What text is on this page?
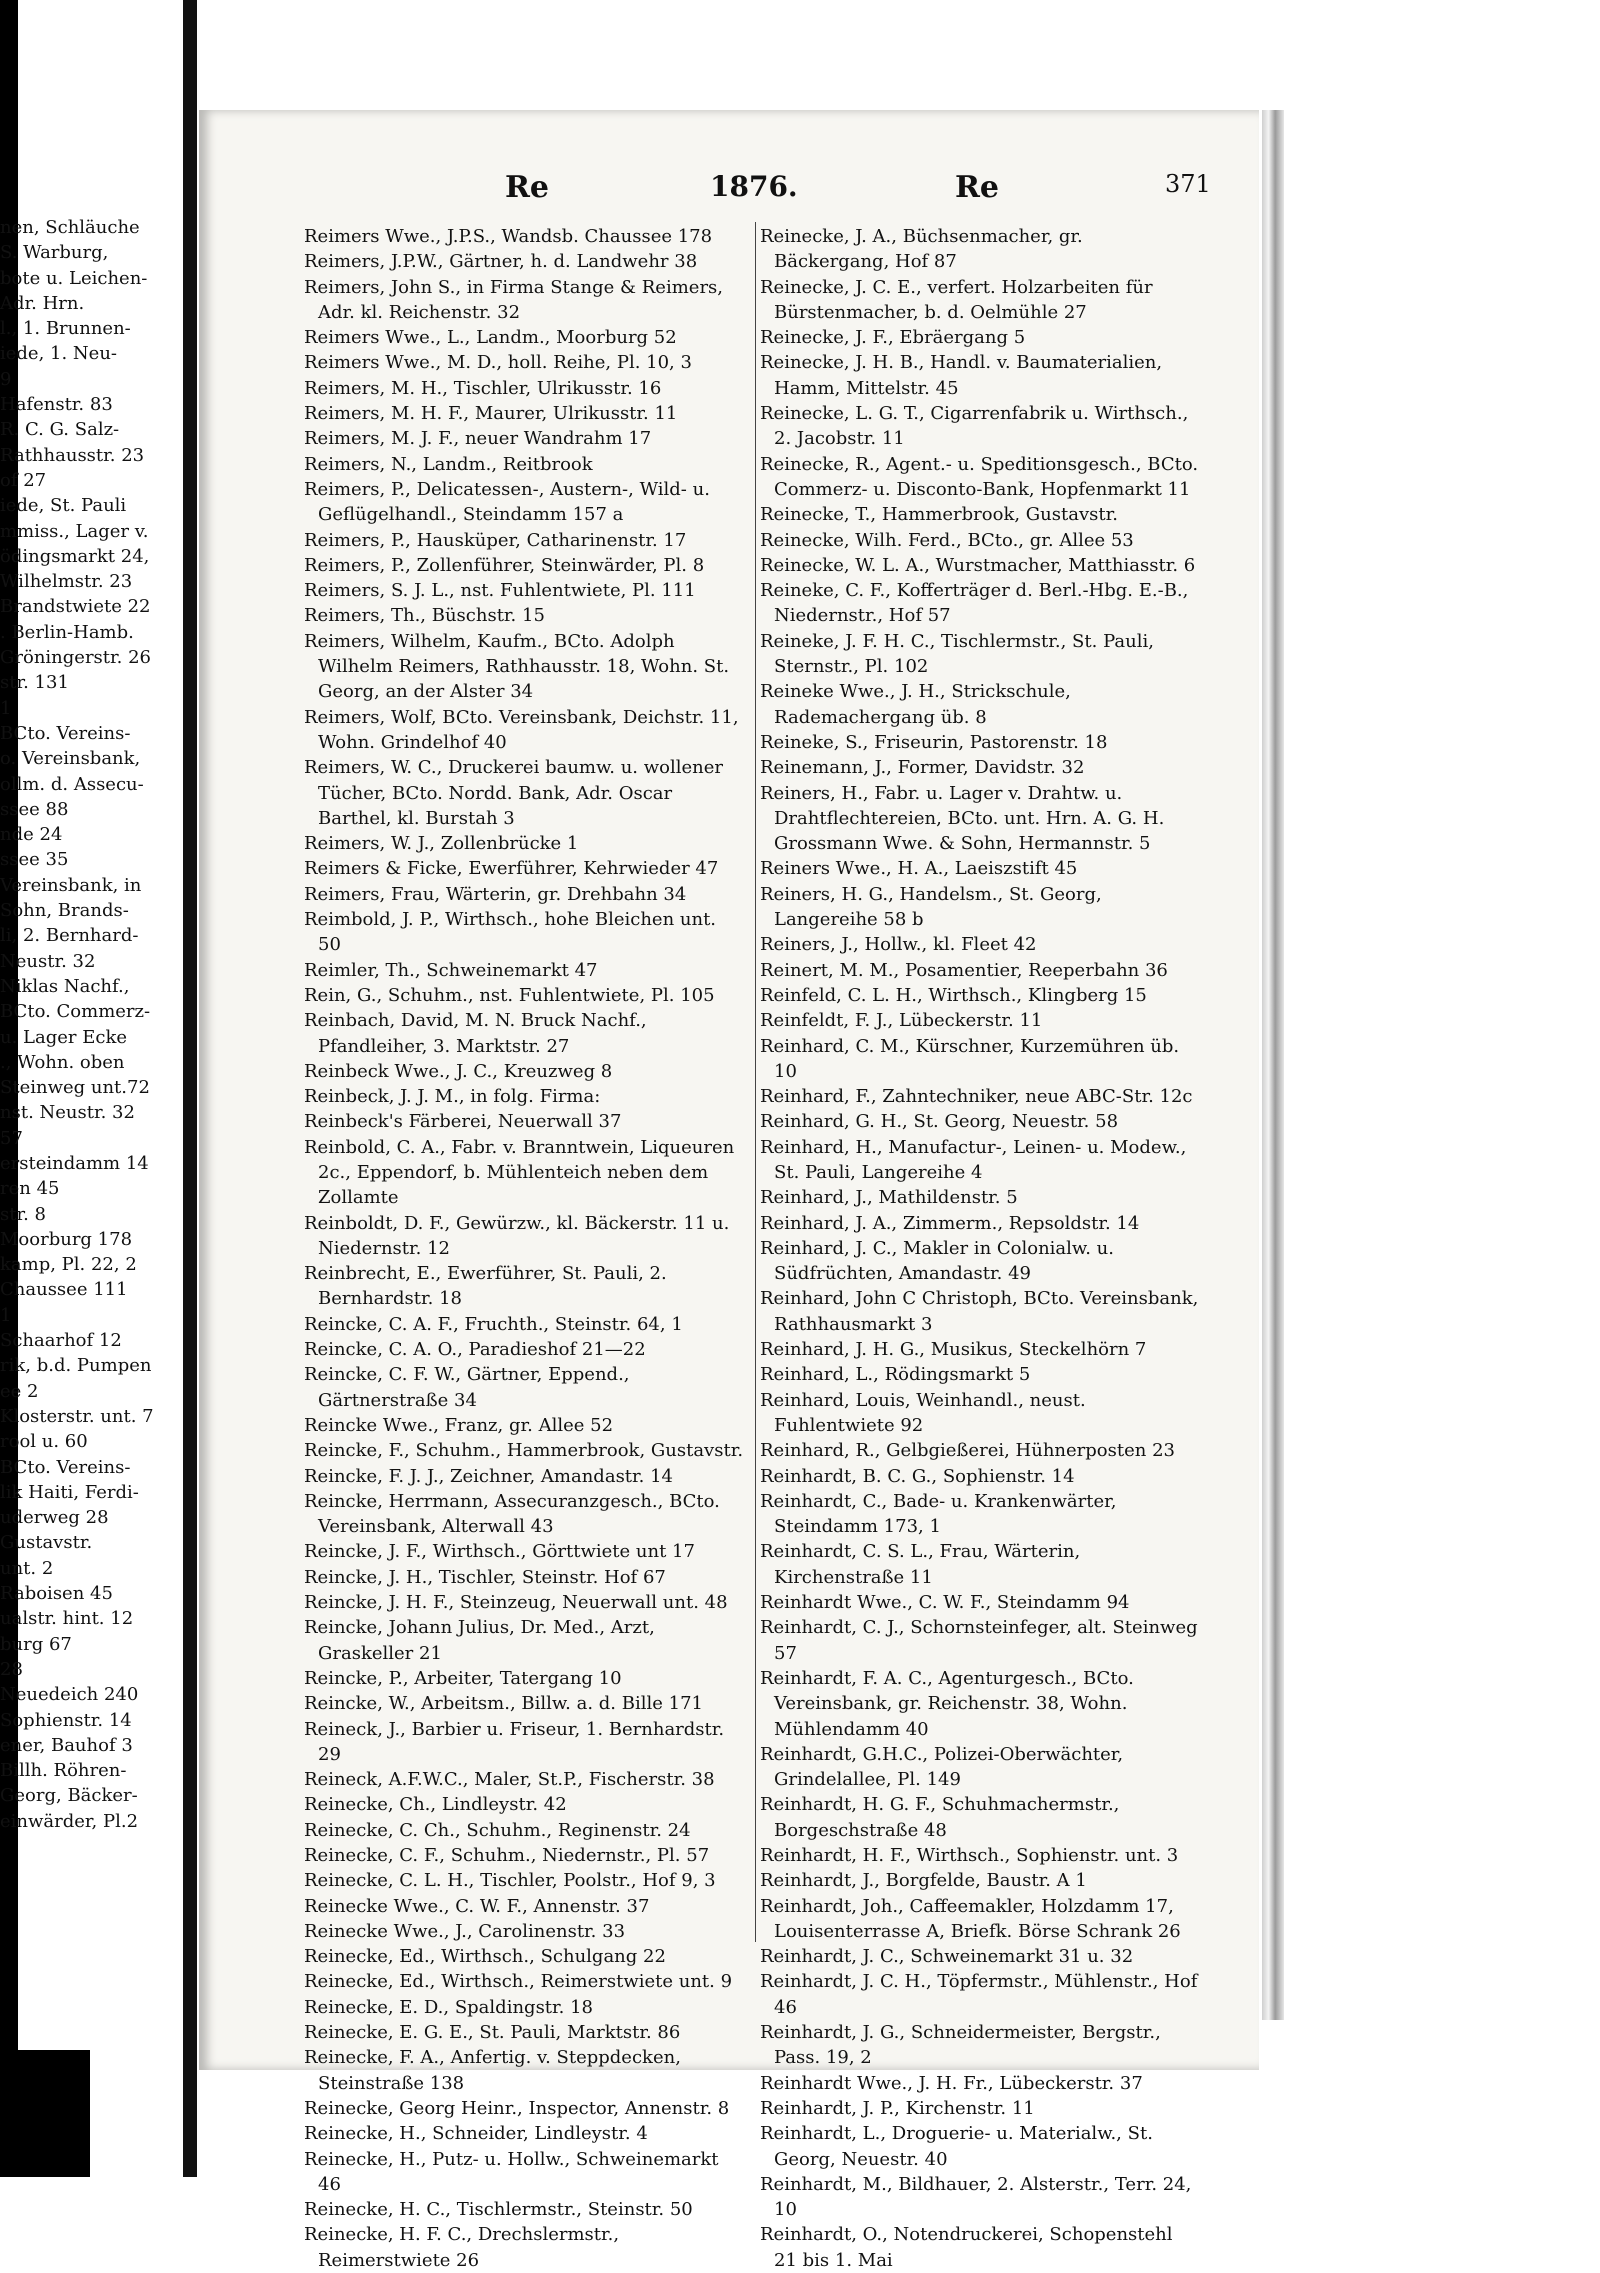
nen, Schläuche
S. Warburg,
bote u. Leichen-
Adr. Hrn.
l., 1. Brunnen-
iede, 1. Neu-
9
Hafenstr. 83
R. C. G. Salz-
Rathhausstr. 23
of 27
iede, St. Pauli
mmiss., Lager v.
ödingsmarkt 24,
Wilhelmstr. 23
Brandstwiete 22
. Berlin-Hamb.
Gröningerstr. 26
str. 131
1
BCto. Vereins-
o. Vereinsbank,
ollm. d. Assecu-
ssee 88
nde 24
ssee 35
Vereinsbank, in
Sohn, Brands-
li, 2. Bernhard-
Neustr. 32
Niklas Nachf.,
BCto. Commerz-
u. Lager Ecke
., Wohn. oben
Steinweg unt.72
nst. Neustr. 32
57
ersteindamm 14
ren 45
str. 8
Moorburg 178
kamp, Pl. 22, 2
Chaussee 111
1
Schaarhof 12
rik, b.d. Pumpen
ee 2
Klosterstr. unt. 7
rool u. 60
BCto. Vereins-
lik Haiti, Ferdi-
uderweg 28
Gustavstr.
unt. 2
Raboisen 45
ualstr. hint. 12
burg 67
28
Neuedeich 240
Sophienstr. 14
ener, Bauhof 3
Billh. Röhren-
Georg, Bäcker-
einwärder, Pl.2
Re	1876.	Re	371
Reimers Wwe., J.P.S., Wandsb. Chaussee 178
Reimers, J.P.W., Gärtner, h. d. Landwehr 38
Reimers, John S., in Firma Stange & Reimers, Adr. kl. Reichenstr. 32
Reimers Wwe., L., Landm., Moorburg 52
Reimers Wwe., M. D., holl. Reihe, Pl. 10, 3
Reimers, M. H., Tischler, Ulrikusstr. 16
Reimers, M. H. F., Maurer, Ulrikusstr. 11
Reimers, M. J. F., neuer Wandrahm 17
Reimers, N., Landm., Reitbrook
Reimers, P., Delicatessen-, Austern-, Wild- u. Geflügelhandl., Steindamm 157 a
Reimers, P., Hausküper, Catharinenstr. 17
Reimers, P., Zollenführer, Steinwärder, Pl. 8
Reimers, S. J. L., nst. Fuhlentwiete, Pl. 111
Reimers, Th., Büschstr. 15
Reimers, Wilhelm, Kaufm., BCto. Adolph Wilhelm Reimers, Rathhausstr. 18, Wohn. St. Georg, an der Alster 34
Reimers, Wolf, BCto. Vereinsbank, Deichstr. 11, Wohn. Grindelhof 40
Reimers, W. C., Druckerei baumw. u. wollener Tücher, BCto. Nordd. Bank, Adr. Oscar Barthel, kl. Burstah 3
Reimers, W. J., Zollenbrücke 1
Reimers & Ficke, Ewerführer, Kehrwieder 47
Reimers, Frau, Wärterin, gr. Drehbahn 34
Reimbold, J. P., Wirthsch., hohe Bleichen unt. 50
Reimler, Th., Schweinemarkt 47
Rein, G., Schuhm., nst. Fuhlentwiete, Pl. 105
Reinbach, David, M. N. Bruck Nachf., Pfandleiher, 3. Marktstr. 27
Reinbeck Wwe., J. C., Kreuzweg 8
Reinbeck, J. J. M., in folg. Firma:
Reinbeck's Färberei, Neuerwall 37
Reinbold, C. A., Fabr. v. Branntwein, Liqueuren 2c., Eppendorf, b. Mühlenteich neben dem Zollamte
Reinboldt, D. F., Gewürzw., kl. Bäckerstr. 11 u. Niedernstr. 12
Reinbrecht, E., Ewerführer, St. Pauli, 2. Bernhardstr. 18
Reincke, C. A. F., Fruchth., Steinstr. 64, 1
Reincke, C. A. O., Paradieshof 21—22
Reincke, C. F. W., Gärtner, Eppend., Gärtnerstraße 34
Reincke Wwe., Franz, gr. Allee 52
Reincke, F., Schuhm., Hammerbrook, Gustavstr.
Reincke, F. J. J., Zeichner, Amandastr. 14
Reincke, Herrmann, Assecuranzgesch., BCto. Vereinsbank, Alterwall 43
Reincke, J. F., Wirthsch., Görttwiete unt 17
Reincke, J. H., Tischler, Steinstr. Hof 67
Reincke, J. H. F., Steinzeug, Neuerwall unt. 48
Reincke, Johann Julius, Dr. Med., Arzt, Graskeller 21
Reincke, P., Arbeiter, Tatergang 10
Reincke, W., Arbeitsm., Billw. a. d. Bille 171
Reineck, J., Barbier u. Friseur, 1. Bernhardstr. 29
Reineck, A.F.W.C., Maler, St.P., Fischerstr. 38
Reinecke, Ch., Lindleystr. 42
Reinecke, C. Ch., Schuhm., Reginenstr. 24
Reinecke, C. F., Schuhm., Niedernstr., Pl. 57
Reinecke, C. L. H., Tischler, Poolstr., Hof 9, 3
Reinecke Wwe., C. W. F., Annenstr. 37
Reinecke Wwe., J., Carolinenstr. 33
Reinecke, Ed., Wirthsch., Schulgang 22
Reinecke, Ed., Wirthsch., Reimerstwiete unt. 9
Reinecke, E. D., Spaldingstr. 18
Reinecke, E. G. E., St. Pauli, Marktstr. 86
Reinecke, F. A., Anfertig. v. Steppdecken, Steinstraße 138
Reinecke, Georg Heinr., Inspector, Annenstr. 8
Reinecke, H., Schneider, Lindleystr. 4
Reinecke, H., Putz- u. Hollw., Schweinemarkt 46
Reinecke, H. C., Tischlermstr., Steinstr. 50
Reinecke, H. F. C., Drechslermstr., Reimerstwiete 26
Reinecke, J. A., Büchsenmacher, gr. Bäckergang, Hof 87
Reinecke, J. C. E., verfert. Holzarbeiten für Bürstenmacher, b. d. Oelmühle 27
Reinecke, J. F., Ebräergang 5
Reinecke, J. H. B., Handl. v. Baumaterialien, Hamm, Mittelstr. 45
Reinecke, L. G. T., Cigarrenfabrik u. Wirthsch., 2. Jacobstr. 11
Reinecke, R., Agent.- u. Speditionsgesch., BCto. Commerz- u. Disconto-Bank, Hopfenmarkt 11
Reinecke, T., Hammerbrook, Gustavstr.
Reinecke, Wilh. Ferd., BCto., gr. Allee 53
Reinecke, W. L. A., Wurstmacher, Matthiasstr. 6
Reineke, C. F., Kofferträger d. Berl.-Hbg. E.-B., Niedernstr., Hof 57
Reineke, J. F. H. C., Tischlermstr., St. Pauli, Sternstr., Pl. 102
Reineke Wwe., J. H., Strickschule, Rademachergang üb. 8
Reineke, S., Friseurin, Pastorenstr. 18
Reinemann, J., Former, Davidstr. 32
Reiners, H., Fabr. u. Lager v. Drahtw. u. Drahtflechtereien, BCto. unt. Hrn. A. G. H. Grossmann Wwe. & Sohn, Hermannstr. 5
Reiners Wwe., H. A., Laeiszstift 45
Reiners, H. G., Handelsm., St. Georg, Langereihe 58 b
Reiners, J., Hollw., kl. Fleet 42
Reinert, M. M., Posamentier, Reeperbahn 36
Reinfeld, C. L. H., Wirthsch., Klingberg 15
Reinfeldt, F. J., Lübeckerstr. 11
Reinhard, C. M., Kürschner, Kurzemühren üb. 10
Reinhard, F., Zahntechniker, neue ABC-Str. 12c
Reinhard, G. H., St. Georg, Neuestr. 58
Reinhard, H., Manufactur-, Leinen- u. Modew., St. Pauli, Langereihe 4
Reinhard, J., Mathildenstr. 5
Reinhard, J. A., Zimmerm., Repsoldstr. 14
Reinhard, J. C., Makler in Colonialw. u. Südfrüchten, Amandastr. 49
Reinhard, John C Christoph, BCto. Vereinsbank, Rathhausmarkt 3
Reinhard, J. H. G., Musikus, Steckelhörn 7
Reinhard, L., Rödingsmarkt 5
Reinhard, Louis, Weinhandl., neust. Fuhlentwiete 92
Reinhard, R., Gelbgießerei, Hühnerposten 23
Reinhardt, B. C. G., Sophienstr. 14
Reinhardt, C., Bade- u. Krankenwärter, Steindamm 173, 1
Reinhardt, C. S. L., Frau, Wärterin, Kirchenstraße 11
Reinhardt Wwe., C. W. F., Steindamm 94
Reinhardt, C. J., Schornsteinfeger, alt. Steinweg 57
Reinhardt, F. A. C., Agenturgesch., BCto. Vereinsbank, gr. Reichenstr. 38, Wohn. Mühlendamm 40
Reinhardt, G.H.C., Polizei-Oberwächter, Grindelallee, Pl. 149
Reinhardt, H. G. F., Schuhmachermstr., Borgeschstraße 48
Reinhardt, H. F., Wirthsch., Sophienstr. unt. 3
Reinhardt, J., Borgfelde, Baustr. A 1
Reinhardt, Joh., Caffeemakler, Holzdamm 17, Louisenterrasse A, Briefk. Börse Schrank 26
Reinhardt, J. C., Schweinemarkt 31 u. 32
Reinhardt, J. C. H., Töpfermstr., Mühlenstr., Hof 46
Reinhardt, J. G., Schneidermeister, Bergstr., Pass. 19, 2
Reinhardt Wwe., J. H. Fr., Lübeckerstr. 37
Reinhardt, J. P., Kirchenstr. 11
Reinhardt, L., Droguerie- u. Materialw., St. Georg, Neuestr. 40
Reinhardt, M., Bildhauer, 2. Alsterstr., Terr. 24, 10
Reinhardt, O., Notendruckerei, Schopenstehl 21 bis 1. Mai
